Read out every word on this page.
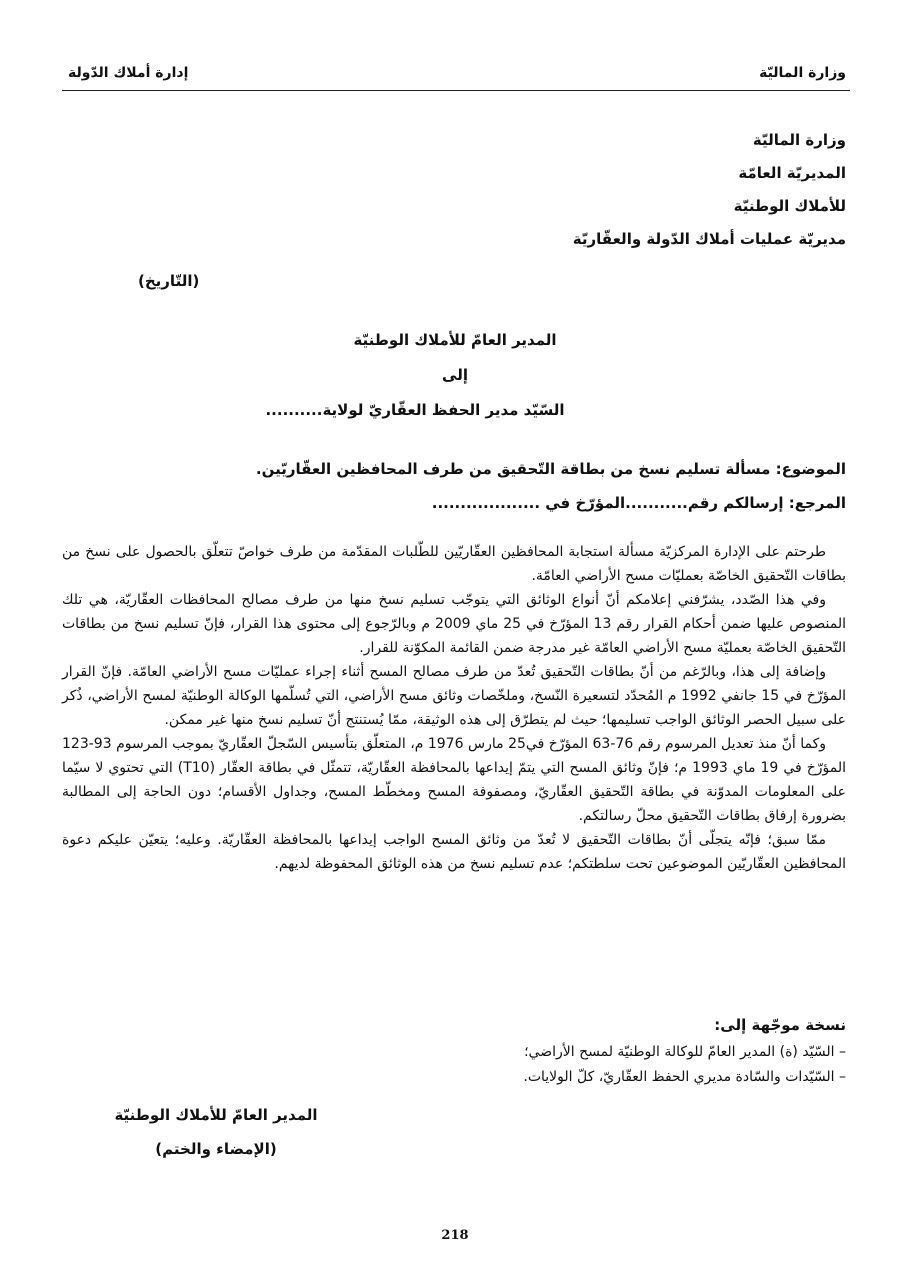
وزارة الماليّة
إدارة أملاك الدّولة
وزارة الماليّة
المديريّة العامّة
للأملاك الوطنيّة
مديريّة عمليات أملاك الدّولة والعقّاريّة
(التّاريخ)
المدير العامّ للأملاك الوطنيّة
إلى
السّيّد مدير الحفظ العقّاريّ لولاية..........
الموضوع: مسألة تسليم نسخ من بطاقة التّحقيق من طرف المحافظين العقّاريّين.
المرجع: إرسالكم رقم...........المؤرّخ في ...................

طرحتم على الإدارة المركزيّة مسألة استجابة المحافظين العقّاريّين للطّلبات المقدّمة من طرف خواصّ تتعلّق بالحصول على نسخ من بطاقات التّحقيق الخاصّة بعمليّات مسح الأراضي العامّة.

وفي هذا الصّدد، يشرّفني إعلامكم أنّ أنواع الوثائق التي يتوجّب تسليم نسخ منها من طرف مصالح المحافظات العقّاريّة، هي تلك المنصوص عليها ضمن أحكام القرار رقم 13 المؤرّخ في 25 ماي 2009 م وبالرّجوع إلى محتوى هذا القرار، فإنّ تسليم نسخ من بطاقات التّحقيق الخاصّة بعمليّة مسح الأراضي العامّة غير مدرجة ضمن القائمة المكوّنة للقرار.

وإضافة إلى هذا، وبالرّغم من أنّ بطاقات التّحقيق تُعدّ من طرف مصالح المسح أثناء إجراء عمليّات مسح الأراضي العامّة. فإنّ القرار المؤرّخ في 15 جانفي 1992 م المُحدّد لتسعيرة النّسخ، وملخّصات وثائق مسح الأراضي، التي تُسلّمها الوكالة الوطنيّة لمسح الأراضي، ذُكر على سبيل الحصر الوثائق الواجب تسليمها؛ حيث لم يتطرّق إلى هذه الوثيقة، ممّا يُستنتج أنّ تسليم نسخ منها غير ممكن.

وكما أنّ منذ تعديل المرسوم رقم 76-63 المؤرّخ في25 مارس 1976 م، المتعلّق بتأسيس السّجلّ العقّاريّ بموجب المرسوم 93-123 المؤرّخ في 19 ماي 1993 م؛ فإنّ وثائق المسح التي يتمّ إيداعها بالمحافظة العقّاريّة، تتمثّل في بطاقة العقّار (T10) التي تحتوي لا سيّما على المعلومات المدوّنة في بطاقة التّحقيق العقّاريّ، ومصفوفة المسح ومخطّط المسح، وجداول الأقسام؛ دون الحاجة إلى المطالبة بضرورة إرفاق بطاقات التّحقيق محلّ رسالتكم.

ممّا سبق؛ فإنّه يتجلّى أنّ بطاقات التّحقيق لا تُعدّ من وثائق المسح الواجب إيداعها بالمحافظة العقّاريّة. وعليه؛ يتعيّن عليكم دعوة المحافظين العقّاريّين الموضوعين تحت سلطتكم؛ عدم تسليم نسخ من هذه الوثائق المحفوظة لديهم.

نسخة موجّهة إلى:
– السّيّد (ة) المدير العامّ للوكالة الوطنيّة لمسح الأراضي؛
– السّيّدات والسّادة مديري الحفظ العقّاريّ، كلّ الولايات.
المدير العامّ للأملاك الوطنيّة
(الإمضاء والختم)
218
